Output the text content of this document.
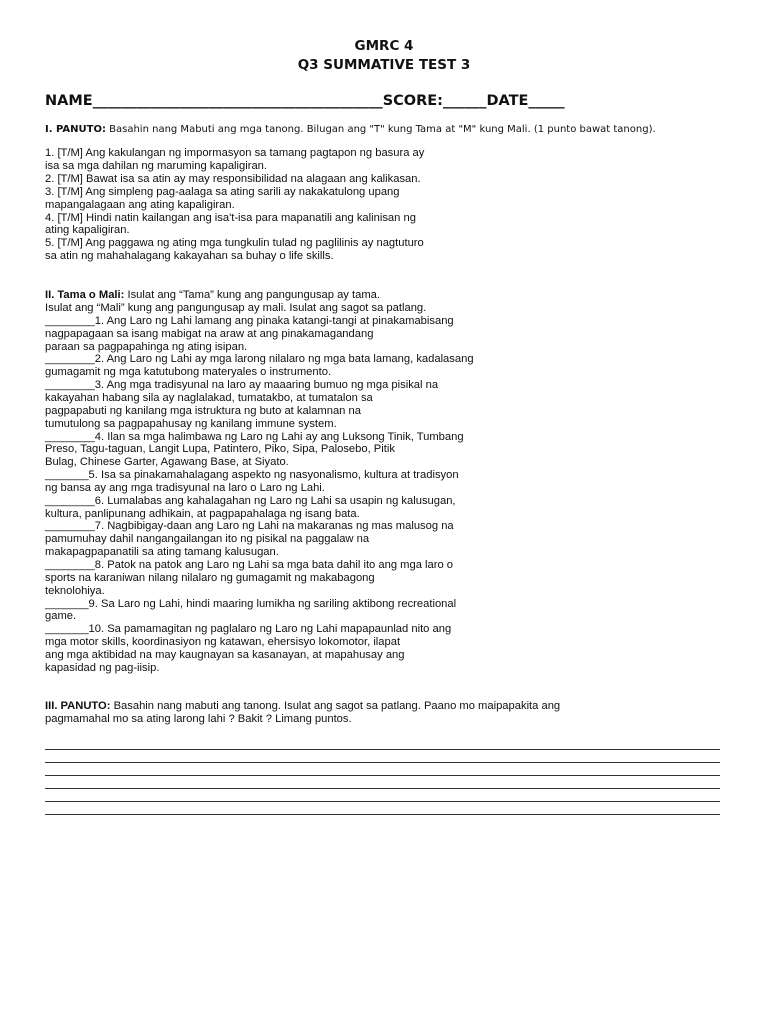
GMRC 4
Q3 SUMMATIVE TEST 3
NAME________________________________________SCORE:______DATE_____
I. PANUTO: Basahin nang Mabuti ang mga tanong. Bilugan ang "T" kung Tama at "M" kung Mali. (1 punto bawat tanong).
1. [T/M] Ang kakulangan ng impormasyon sa tamang pagtapon ng basura ay
isa sa mga dahilan ng maruming kapaligiran.
2. [T/M] Bawat isa sa atin ay may responsibilidad na alagaan ang kalikasan.
3. [T/M] Ang simpleng pag-aalaga sa ating sarili ay nakakatulong upang
mapangalagaan ang ating kapaligiran.
4. [T/M] Hindi natin kailangan ang isa't-isa para mapanatili ang kalinisan ng
ating kapaligiran.
5. [T/M] Ang paggawa ng ating mga tungkulin tulad ng paglilinis ay nagtuturo
sa atin ng mahahalagang kakayahan sa buhay o life skills.
II. Tama o Mali: Isulat ang “Tama” kung ang pangungusap ay tama.
Isulat ang “Mali” kung ang pangungusap ay mali. Isulat ang sagot sa patlang.
________1. Ang Laro ng Lahi lamang ang pinaka katangi-tangi at pinakamabisang
nagpapagaan sa isang mabigat na araw at ang pinakamagandang
paraan sa pagpapahinga ng ating isipan.
________2. Ang Laro ng Lahi ay mga larong nilalaro ng mga bata lamang, kadalasang
gumagamit ng mga katutubong materyales o instrumento.
________3. Ang mga tradisyunal na laro ay maaaring bumuo ng mga pisikal na
kakayahan habang sila ay naglalakad, tumatakbo, at tumatalon sa
pagpapabuti ng kanilang mga istruktura ng buto at kalamnan na
tumutulong sa pagpapahusay ng kanilang immune system.
________4. Ilan sa mga halimbawa ng Laro ng Lahi ay ang Luksong Tinik, Tumbang
Preso, Tagu-taguan, Langit Lupa, Patintero, Piko, Sipa, Palosebo, Pitik
Bulag, Chinese Garter, Agawang Base, at Siyato.
_______5. Isa sa pinakamahalagang aspekto ng nasyonalismo, kultura at tradisyon
ng bansa ay ang mga tradisyunal na laro o Laro ng Lahi.
________6. Lumalabas ang kahalagahan ng Laro ng Lahi sa usapin ng kalusugan,
kultura, panlipunang adhikain, at pagpapahalaga ng isang bata.
________7. Nagbibigay-daan ang Laro ng Lahi na makaranas ng mas malusog na
pamumuhay dahil nangangailangan ito ng pisikal na paggalaw na
makapagpapanatili sa ating tamang kalusugan.
________8. Patok na patok ang Laro ng Lahi sa mga bata dahil ito ang mga laro o
sports na karaniwan nilang nilalaro ng gumagamit ng makabagong
teknolohiya.
_______9. Sa Laro ng Lahi, hindi maaring lumikha ng sariling aktibong recreational
game.
_______10. Sa pamamagitan ng paglalaro ng Laro ng Lahi mapapaunlad nito ang
mga motor skills, koordinasiyon ng katawan, ehersisyo lokomotor, ilapat
ang mga aktibidad na may kaugnayan sa kasanayan, at mapahusay ang
kapasidad ng pag-iisip.
III. PANUTO: Basahin nang mabuti ang tanong. Isulat ang sagot sa patlang. Paano mo maipapakita ang
pagmamahal mo sa ating larong lahi ? Bakit ? Limang puntos.
